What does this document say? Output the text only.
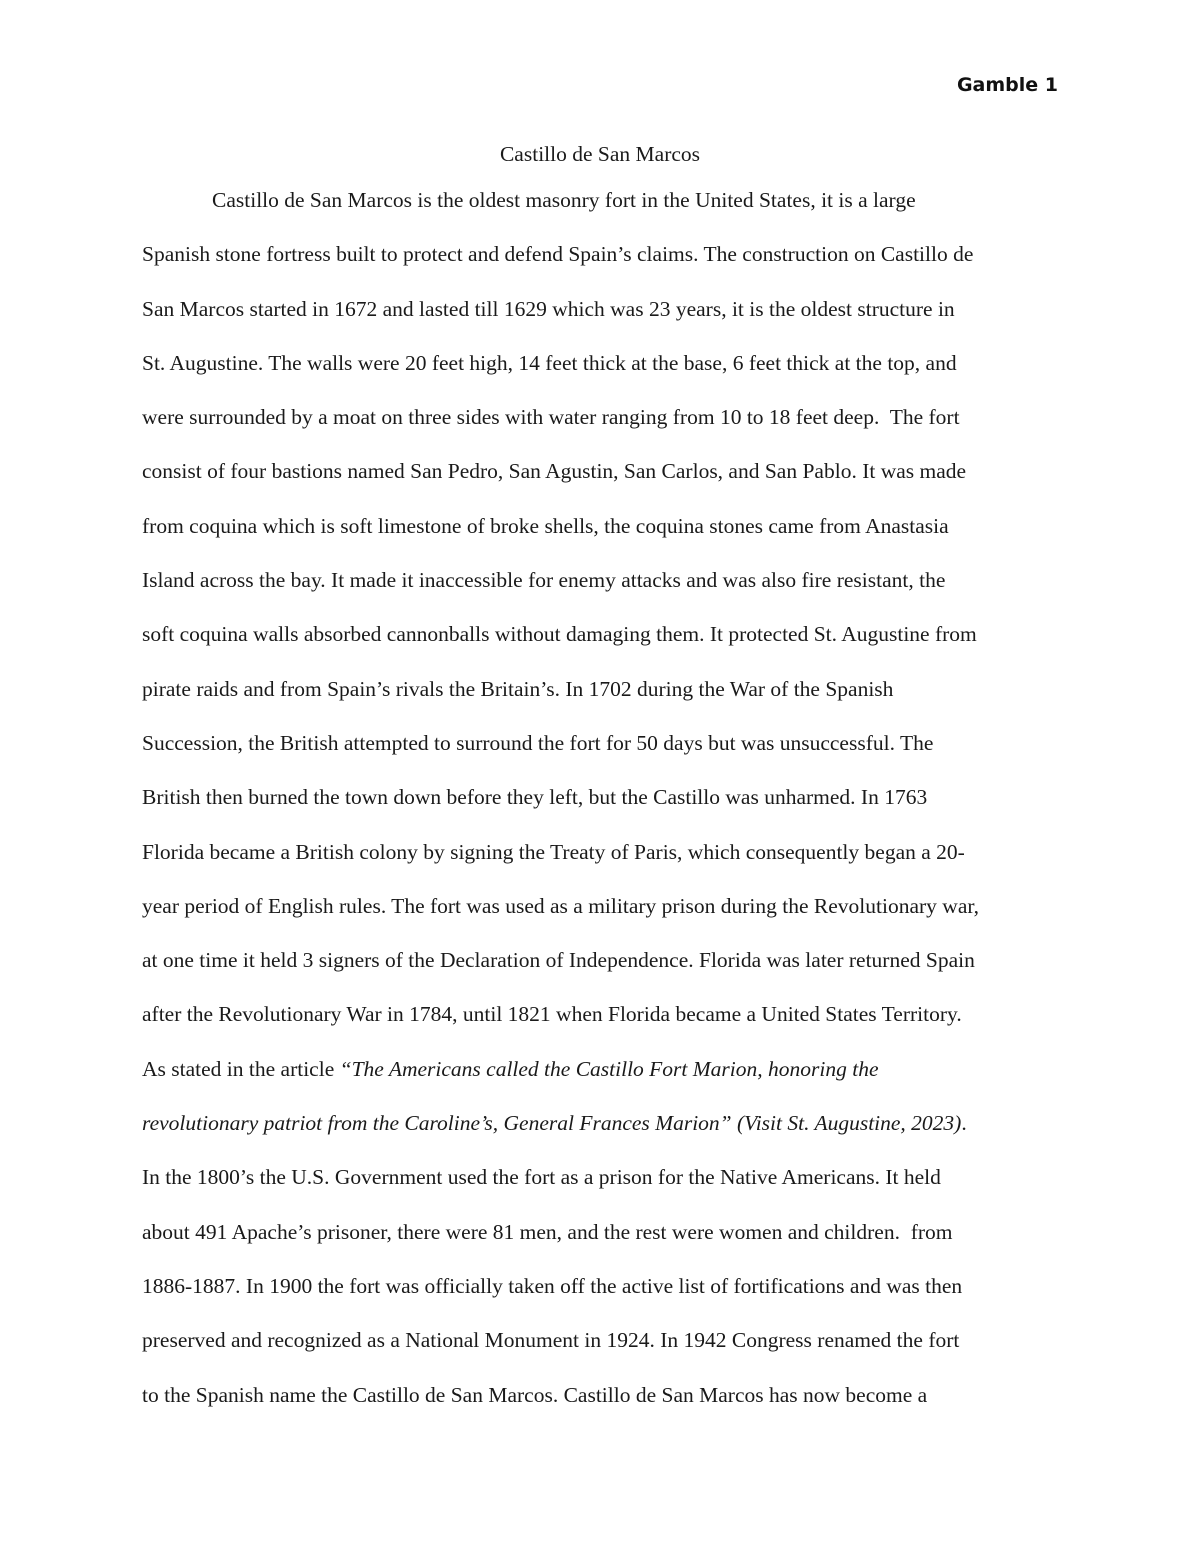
Gamble 1
Castillo de San Marcos
Castillo de San Marcos is the oldest masonry fort in the United States, it is a large
Spanish stone fortress built to protect and defend Spain’s claims. The construction on Castillo de
San Marcos started in 1672 and lasted till 1629 which was 23 years, it is the oldest structure in
St. Augustine. The walls were 20 feet high, 14 feet thick at the base, 6 feet thick at the top, and
were surrounded by a moat on three sides with water ranging from 10 to 18 feet deep.  The fort
consist of four bastions named San Pedro, San Agustin, San Carlos, and San Pablo. It was made
from coquina which is soft limestone of broke shells, the coquina stones came from Anastasia
Island across the bay. It made it inaccessible for enemy attacks and was also fire resistant, the
soft coquina walls absorbed cannonballs without damaging them. It protected St. Augustine from
pirate raids and from Spain’s rivals the Britain’s. In 1702 during the War of the Spanish
Succession, the British attempted to surround the fort for 50 days but was unsuccessful. The
British then burned the town down before they left, but the Castillo was unharmed. In 1763
Florida became a British colony by signing the Treaty of Paris, which consequently began a 20-
year period of English rules. The fort was used as a military prison during the Revolutionary war,
at one time it held 3 signers of the Declaration of Independence. Florida was later returned Spain
after the Revolutionary War in 1784, until 1821 when Florida became a United States Territory.
As stated in the article “The Americans called the Castillo Fort Marion, honoring the
revolutionary patriot from the Caroline’s, General Frances Marion” (Visit St. Augustine, 2023).
In the 1800’s the U.S. Government used the fort as a prison for the Native Americans. It held
about 491 Apache’s prisoner, there were 81 men, and the rest were women and children.  from
1886-1887. In 1900 the fort was officially taken off the active list of fortifications and was then
preserved and recognized as a National Monument in 1924. In 1942 Congress renamed the fort
to the Spanish name the Castillo de San Marcos. Castillo de San Marcos has now become a
